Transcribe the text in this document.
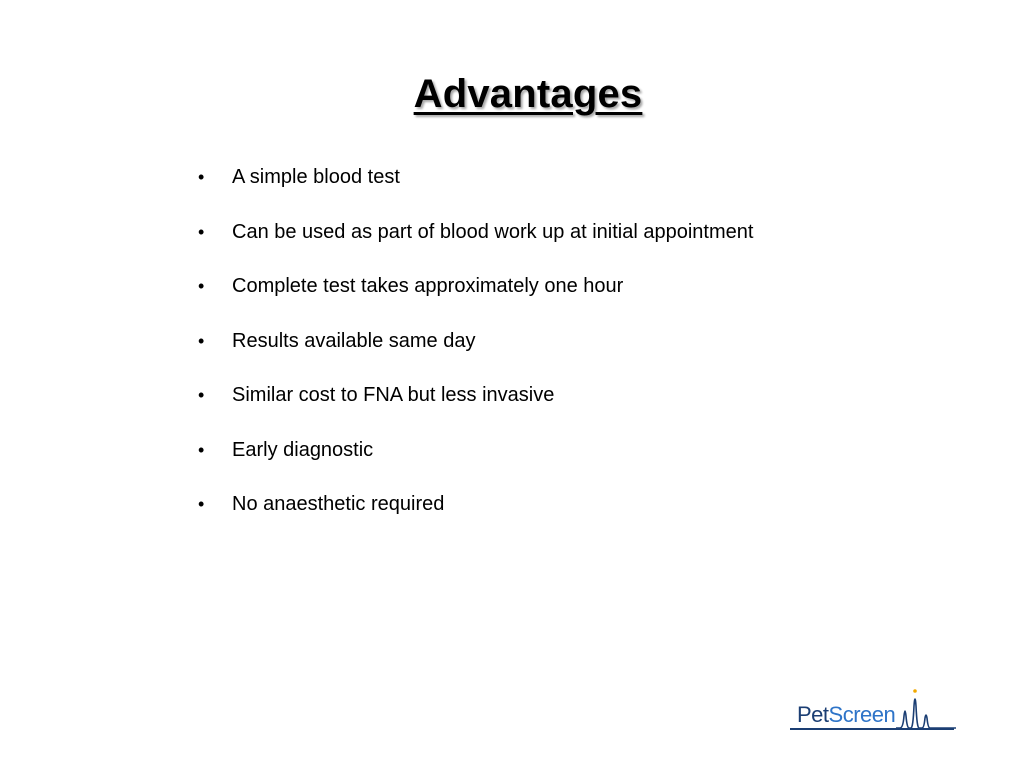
Advantages
•	A simple blood test
•	Can be used as part of blood work up at initial appointment
•	Complete test takes approximately one hour
•	Results available same day
•	Similar cost to FNA but less invasive
•	Early diagnostic
•	No anaesthetic required
PetScreen
